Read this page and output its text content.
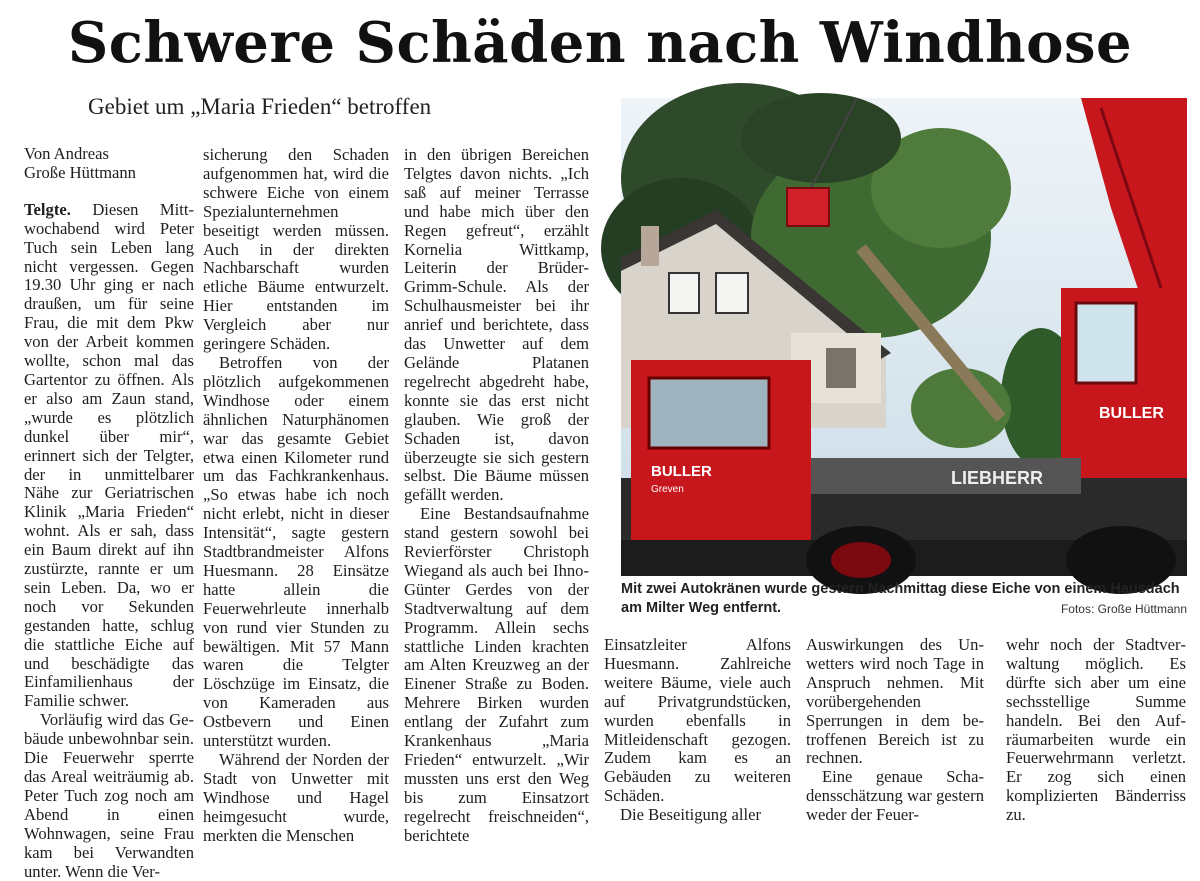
Schwere Schäden nach Windhose
Gebiet um „Maria Frieden“ betroffen

Von Andreas
Große Hüttmann

Telgte. Diesen Mittwochabend wird Peter Tuch sein Leben lang nicht vergessen. Gegen 19.30 Uhr ging er nach draußen, um für seine Frau, die mit dem Pkw von der Arbeit kommen wollte, schon mal das Gartentor zu öffnen. Als er also am Zaun stand, „wurde es plötzlich dunkel über mir“, erinnert sich der Telgter, der in unmittelbarer Nähe zur Geriatrischen Klinik „Maria Frieden“ wohnt. Als er sah, dass ein Baum direkt auf ihn zustürzte, rannte er um sein Leben. Da, wo er noch vor Sekunden gestanden hatte, schlug die stattliche Eiche auf und beschädigte das Einfamilienhaus der Familie schwer.

Vorläufig wird das Gebäude unbewohnbar sein. Die Feuerwehr sperrte das Areal weiträumig ab. Peter Tuch zog noch am Abend in einen Wohnwagen, seine Frau kam bei Verwandten unter. Wenn die Ver-

sicherung den Schaden aufgenommen hat, wird die schwere Eiche von einem Spezialunternehmen beseitigt werden müssen. Auch in der direkten Nachbarschaft wurden etliche Bäume entwurzelt. Hier entstanden im Vergleich aber nur geringere Schäden.

Betroffen von der plötzlich aufgekommenen Windhose oder einem ähnlichen Naturphänomen war das gesamte Gebiet etwa einen Kilometer rund um das Fachkrankenhaus. „So etwas habe ich noch nicht erlebt, nicht in dieser Intensität“, sagte gestern Stadtbrandmeister Alfons Huesmann. 28 Einsätze hatte allein die Feuerwehrleute innerhalb von rund vier Stunden zu bewältigen. Mit 57 Mann waren die Telgter Löschzüge im Einsatz, die von Kameraden aus Ostbevern und Einen unterstützt wurden.

Während der Norden der Stadt von Unwetter mit Windhose und Hagel heimgesucht wurde, merkten die Menschen

in den übrigen Bereichen Telgtes davon nichts. „Ich saß auf meiner Terrasse und habe mich über den Regen gefreut“, erzählt Kornelia Wittkamp, Leiterin der Brüder-Grimm-Schule. Als der Schulhausmeister bei ihr anrief und berichtete, dass das Unwetter auf dem Gelände Platanen regelrecht abgedreht habe, konnte sie das erst nicht glauben. Wie groß der Schaden ist, davon überzeugte sie sich gestern selbst. Die Bäume müssen gefällt werden.

Eine Bestandsaufnahme stand gestern sowohl bei Revierförster Christoph Wiegand als auch bei Ihno-Günter Gerdes von der Stadtverwaltung auf dem Programm. Allein sechs stattliche Linden krachten am Alten Kreuzweg an der Einener Straße zu Boden. Mehrere Birken wurden entlang der Zufahrt zum Krankenhaus „Maria Frieden“ entwurzelt. „Wir mussten uns erst den Weg bis zum Einsatzort regelrecht freischneiden“, berichtete

BULLER
LIEBHERR
BULLER
Greven
Mit zwei Autokränen wurde gestern Nachmittag diese Eiche von einem Hausdach am Milter Weg entfernt.	Fotos: Große Hüttmann

Einsatzleiter Alfons Huesmann. Zahlreiche weitere Bäume, viele auch auf Privatgrundstücken, wurden ebenfalls in Mitleidenschaft gezogen. Zudem kam es an Gebäuden zu weiteren Schäden.

Die Beseitigung aller

Auswirkungen des Unwetters wird noch Tage in Anspruch nehmen. Mit vorübergehenden Sperrungen in dem betroffenen Bereich ist zu rechnen.

Eine genaue Schadensschätzung war gestern weder der Feuer-

wehr noch der Stadtverwaltung möglich. Es dürfte sich aber um eine sechsstellige Summe handeln. Bei den Aufräumarbeiten wurde ein Feuerwehrmann verletzt. Er zog sich einen komplizierten Bänderriss zu.
